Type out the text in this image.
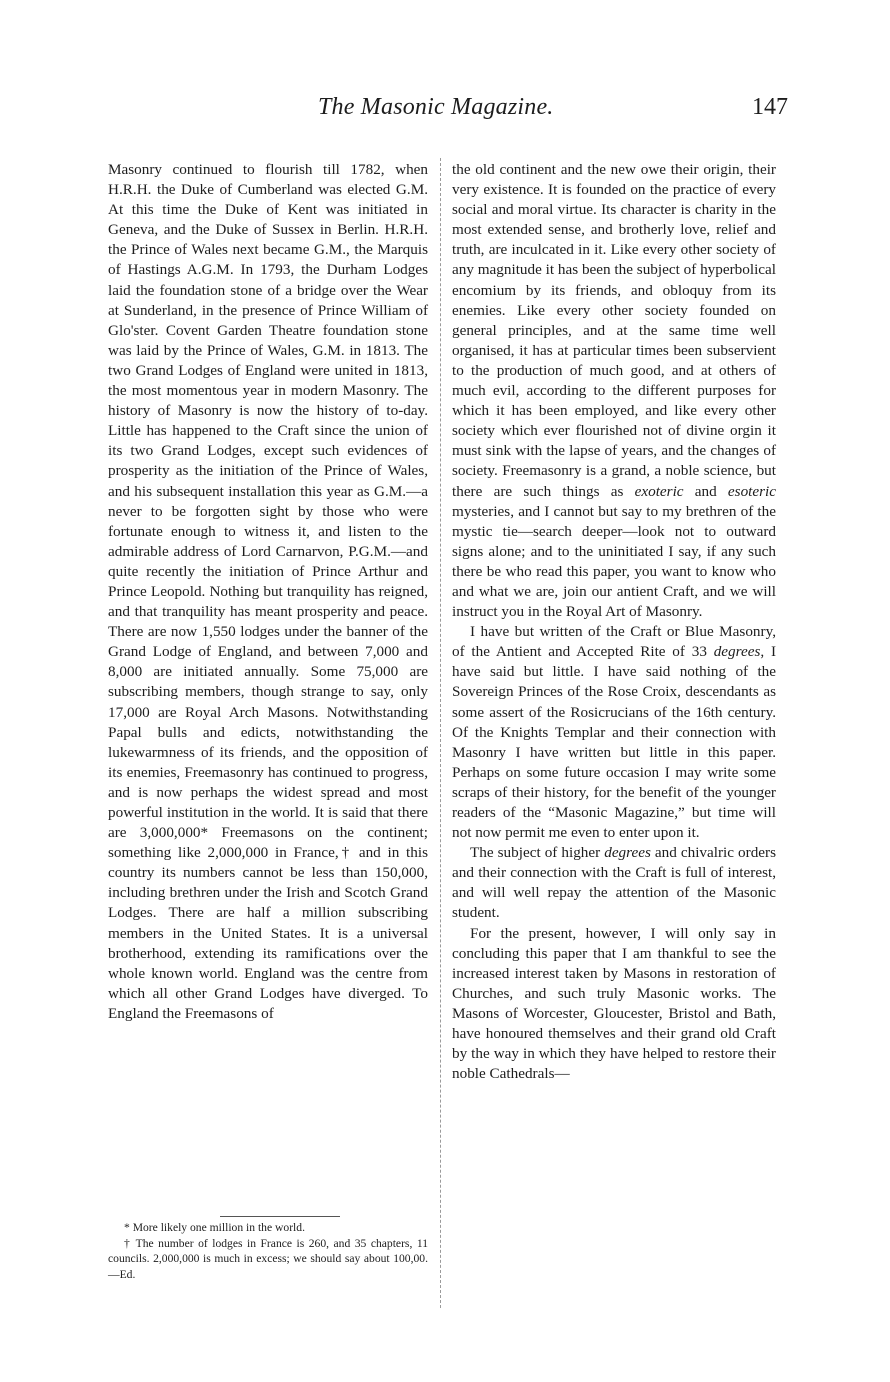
The Masonic Magazine.	147

Masonry continued to flourish till 1782, when H.R.H. the Duke of Cumberland was elected G.M. At this time the Duke of Kent was initiated in Geneva, and the Duke of Sussex in Berlin. H.R.H. the Prince of Wales next became G.M., the Marquis of Hastings A.G.M. In 1793, the Durham Lodges laid the foundation stone of a bridge over the Wear at Sunderland, in the presence of Prince William of Glo'ster. Covent Garden Theatre foundation stone was laid by the Prince of Wales, G.M. in 1813. The two Grand Lodges of England were united in 1813, the most momentous year in modern Masonry. The history of Masonry is now the history of to-day. Little has happened to the Craft since the union of its two Grand Lodges, except such evidences of prosperity as the initiation of the Prince of Wales, and his subsequent installation this year as G.M.—a never to be forgotten sight by those who were fortunate enough to witness it, and listen to the admirable address of Lord Carnarvon, P.G.M.—and quite recently the initiation of Prince Arthur and Prince Leopold. Nothing but tranquility has reigned, and that tranquility has meant prosperity and peace. There are now 1,550 lodges under the banner of the Grand Lodge of England, and between 7,000 and 8,000 are initiated annually. Some 75,000 are subscribing members, though strange to say, only 17,000 are Royal Arch Masons. Notwithstanding Papal bulls and edicts, notwithstanding the lukewarmness of its friends, and the opposition of its enemies, Freemasonry has continued to progress, and is now perhaps the widest spread and most powerful institution in the world. It is said that there are 3,000,000* Freemasons on the continent; something like 2,000,000 in France,† and in this country its numbers cannot be less than 150,000, including brethren under the Irish and Scotch Grand Lodges. There are half a million subscribing members in the United States. It is a universal brotherhood, extending its ramifications over the whole known world. England was the centre from which all other Grand Lodges have diverged. To England the Freemasons of

* More likely one million in the world.

† The number of lodges in France is 260, and 35 chapters, 11 councils. 2,000,000 is much in excess; we should say about 100,00.—Ed.

the old continent and the new owe their origin, their very existence. It is founded on the practice of every social and moral virtue. Its character is charity in the most extended sense, and brotherly love, relief and truth, are inculcated in it. Like every other society of any magnitude it has been the subject of hyperbolical encomium by its friends, and obloquy from its enemies. Like every other society founded on general principles, and at the same time well organised, it has at particular times been subservient to the production of much good, and at others of much evil, according to the different purposes for which it has been employed, and like every other society which ever flourished not of divine orgin it must sink with the lapse of years, and the changes of society. Freemasonry is a grand, a noble science, but there are such things as exoteric and esoteric mysteries, and I cannot but say to my brethren of the mystic tie—search deeper—look not to outward signs alone; and to the uninitiated I say, if any such there be who read this paper, you want to know who and what we are, join our antient Craft, and we will instruct you in the Royal Art of Masonry.

I have but written of the Craft or Blue Masonry, of the Antient and Accepted Rite of 33 degrees, I have said but little. I have said nothing of the Sovereign Princes of the Rose Croix, descendants as some assert of the Rosicrucians of the 16th century. Of the Knights Templar and their connection with Masonry I have written but little in this paper. Perhaps on some future occasion I may write some scraps of their history, for the benefit of the younger readers of the “Masonic Magazine,” but time will not now permit me even to enter upon it.

The subject of higher degrees and chivalric orders and their connection with the Craft is full of interest, and will well repay the attention of the Masonic student.

For the present, however, I will only say in concluding this paper that I am thankful to see the increased interest taken by Masons in restoration of Churches, and such truly Masonic works. The Masons of Worcester, Gloucester, Bristol and Bath, have honoured themselves and their grand old Craft by the way in which they have helped to restore their noble Cathedrals—
